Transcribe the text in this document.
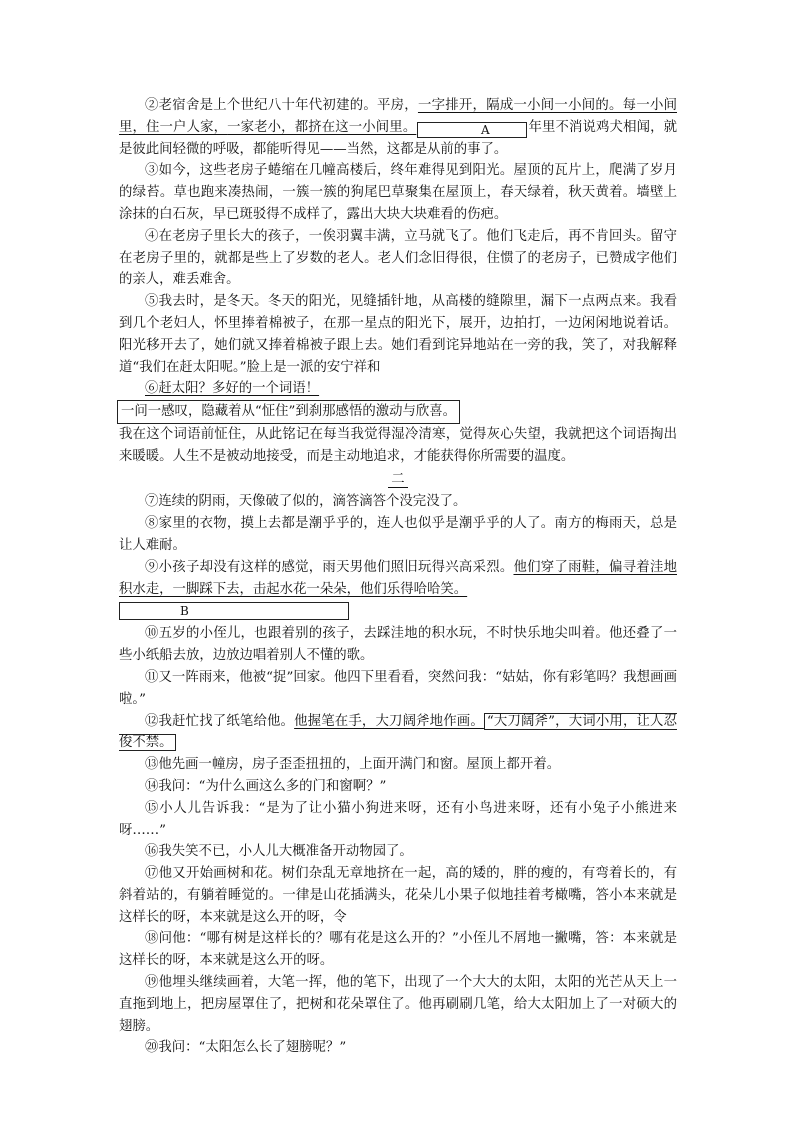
②老宿舍是上个世纪八十年代初建的。平房，一字排开，隔成一小间一小间的。每一小间里，住一户人家，一家老小，都挤在这一小间里。	A	年里不消说鸡犬相闻，就是彼此间轻微的呼吸，都能听得见——当然，这都是从前的事了。

③如今，这些老房子蜷缩在几幢高楼后，终年难得见到阳光。屋顶的瓦片上，爬满了岁月的绿苔。草也跑来凑热闹，一簇一簇的狗尾巴草聚集在屋顶上，春天绿着，秋天黄着。墙壁上涂抹的白石灰，早已斑驳得不成样了，露出大块大块难看的伤疤。

④在老房子里长大的孩子，一俟羽翼丰满，立马就飞了。他们飞走后，再不肯回头。留守在老房子里的，就都是些上了岁数的老人。老人们念旧得很，住惯了的老房子，已赞成字他们的亲人，难丢难舍。

⑤我去时，是冬天。冬天的阳光，见缝插针地，从高楼的缝隙里，漏下一点两点来。我看到几个老妇人，怀里捧着棉被子，在那一星点的阳光下，展开，边拍打，一边闲闲地说着话。阳光移开去了，她们就又捧着棉被子跟上去。她们看到诧异地站在一旁的我，笑了，对我解释道“我们在赶太阳呢。”脸上是一派的安宁祥和

⑥赶太阳？多好的一个词语！

一问一感叹，隐藏着从“怔住”到刹那感悟的激动与欣喜。

我在这个词语前怔住，从此铭记在每当我觉得湿冷清寒，觉得灰心失望，我就把这个词语掏出来暖暖。人生不是被动地接受，而是主动地追求，才能获得你所需要的温度。

二

⑦连续的阴雨，天像破了似的，滴答滴答个没完没了。

⑧家里的衣物，摸上去都是潮乎乎的，连人也似乎是潮乎乎的人了。南方的梅雨天，总是让人难耐。

⑨小孩子却没有这样的感觉，雨天男他们照旧玩得兴高采烈。他们穿了雨鞋，偏寻着洼地积水走，一脚踩下去，击起水花一朵朵，他们乐得哈哈笑。

B

⑩五岁的小侄儿，也跟着别的孩子，去踩洼地的积水玩，不时快乐地尖叫着。他还叠了一些小纸船去放，边放边唱着别人不懂的歌。

⑪又一阵雨来，他被“捉”回家。他四下里看看，突然问我：“姑姑，你有彩笔吗？我想画画啦。”

⑫我赶忙找了纸笔给他。他握笔在手，大刀阔斧地作画。 “大刀阔斧”，大词小用，让人忍俊不禁。

⑬他先画一幢房，房子歪歪扭扭的，上面开满门和窗。屋顶上都开着。

⑭我问：“为什么画这么多的门和窗啊？”

⑮小人儿告诉我：“是为了让小猫小狗进来呀，还有小鸟进来呀，还有小兔子小熊进来呀……”

⑯我失笑不已，小人儿大概准备开动物园了。

⑰他又开始画树和花。树们杂乱无章地挤在一起，高的矮的，胖的瘦的，有弯着长的，有斜着站的，有躺着睡觉的。一律是山花插满头，花朵儿小果子似地挂着考橄嘴，答小本来就是这样长的呀，本来就是这么开的呀，令

⑱问他：“哪有树是这样长的？哪有花是这么开的？”小侄儿不屑地一撇嘴，答：本来就是这样长的呀，本来就是这么开的呀。

⑲他埋头继续画着，大笔一挥，他的笔下，出现了一个大大的太阳，太阳的光芒从天上一直拖到地上，把房屋罩住了，把树和花朵罩住了。他再刷刷几笔，给大太阳加上了一对硕大的翅膀。

⑳我问：“太阳怎么长了翅膀呢？”
